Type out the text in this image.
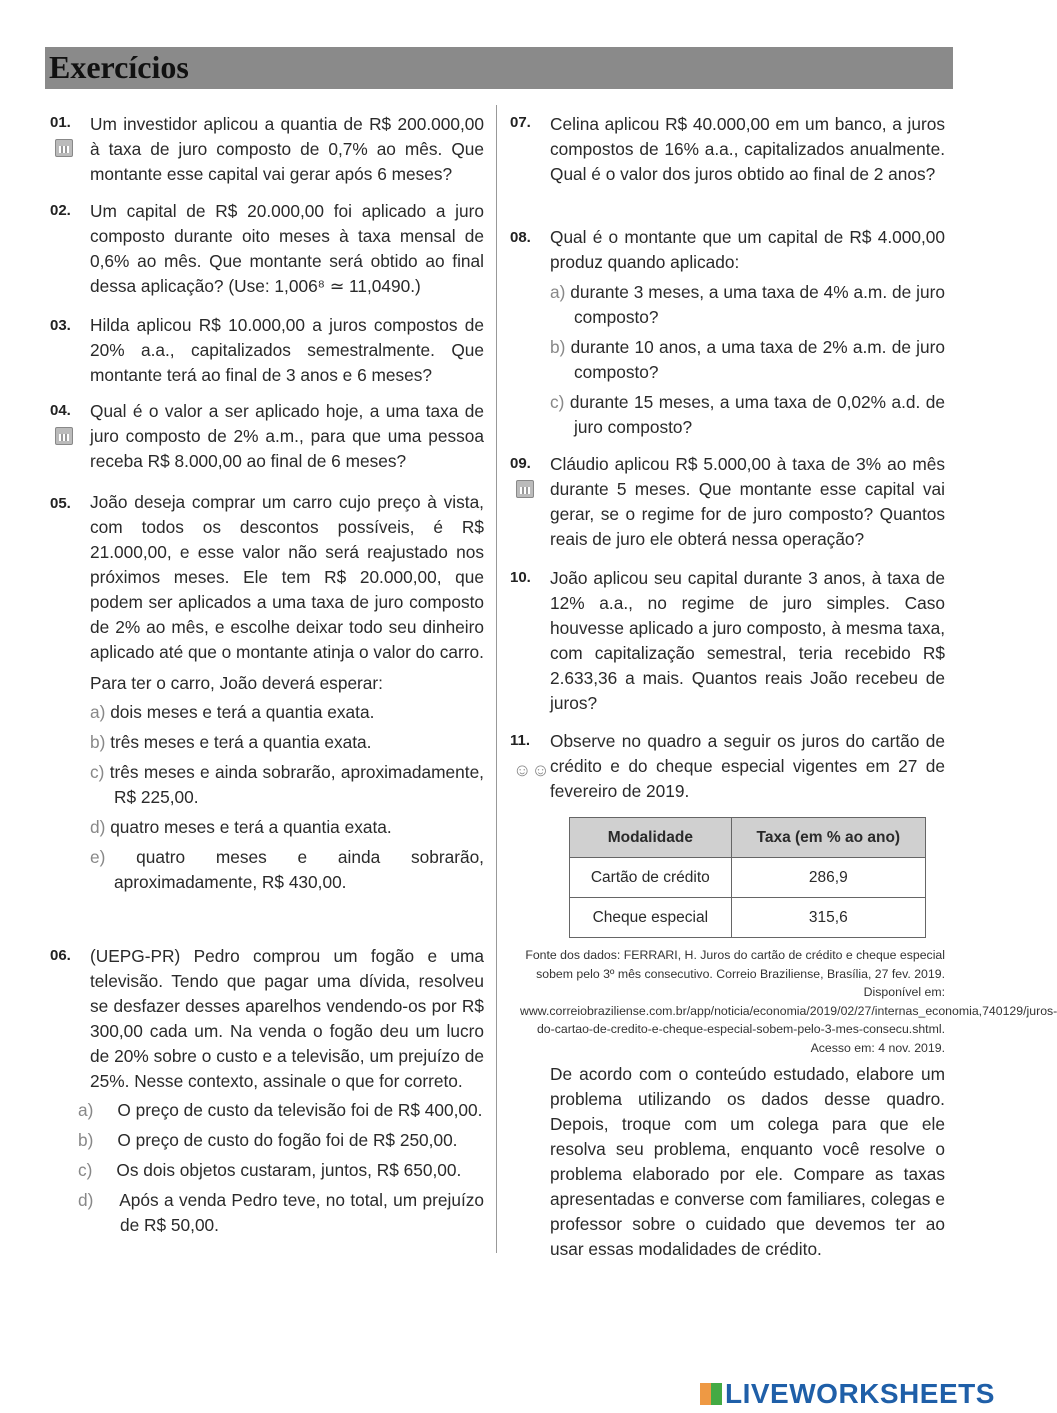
Exercícios
01. Um investidor aplicou a quantia de R$ 200.000,00 à taxa de juro composto de 0,7% ao mês. Que montante esse capital vai gerar após 6 meses?
02. Um capital de R$ 20.000,00 foi aplicado a juro composto durante oito meses à taxa mensal de 0,6% ao mês. Que montante será obtido ao final dessa aplicação? (Use: 1,006⁸ ≃ 11,0490.)
03. Hilda aplicou R$ 10.000,00 a juros compostos de 20% a.a., capitalizados semestralmente. Que montante terá ao final de 3 anos e 6 meses?
04. Qual é o valor a ser aplicado hoje, a uma taxa de juro composto de 2% a.m., para que uma pessoa receba R$ 8.000,00 ao final de 6 meses?
05. João deseja comprar um carro cujo preço à vista, com todos os descontos possíveis, é R$ 21.000,00, e esse valor não será reajustado nos próximos meses. Ele tem R$ 20.000,00, que podem ser aplicados a uma taxa de juro composto de 2% ao mês, e escolhe deixar todo seu dinheiro aplicado até que o montante atinja o valor do carro.
Para ter o carro, João deverá esperar:
a) dois meses e terá a quantia exata.
b) três meses e terá a quantia exata.
c) três meses e ainda sobrarão, aproximadamente, R$ 225,00.
d) quatro meses e terá a quantia exata.
e) quatro meses e ainda sobrarão, aproximadamente, R$ 430,00.
06. (UEPG-PR) Pedro comprou um fogão e uma televisão. Tendo que pagar uma dívida, resolveu se desfazer desses aparelhos vendendo-os por R$ 300,00 cada um. Na venda o fogão deu um lucro de 20% sobre o custo e a televisão, um prejuízo de 25%. Nesse contexto, assinale o que for correto.
a) O preço de custo da televisão foi de R$ 400,00.
b) O preço de custo do fogão foi de R$ 250,00.
c) Os dois objetos custaram, juntos, R$ 650,00.
d) Após a venda Pedro teve, no total, um prejuízo de R$ 50,00.
07. Celina aplicou R$ 40.000,00 em um banco, a juros compostos de 16% a.a., capitalizados anualmente. Qual é o valor dos juros obtido ao final de 2 anos?
08. Qual é o montante que um capital de R$ 4.000,00 produz quando aplicado:
a) durante 3 meses, a uma taxa de 4% a.m. de juro composto?
b) durante 10 anos, a uma taxa de 2% a.m. de juro composto?
c) durante 15 meses, a uma taxa de 0,02% a.d. de juro composto?
09. Cláudio aplicou R$ 5.000,00 à taxa de 3% ao mês durante 5 meses. Que montante esse capital vai gerar, se o regime for de juro composto? Quantos reais de juro ele obterá nessa operação?
10. João aplicou seu capital durante 3 anos, à taxa de 12% a.a., no regime de juro simples. Caso houvesse aplicado a juro composto, à mesma taxa, com capitalização semestral, teria recebido R$ 2.633,36 a mais. Quantos reais João recebeu de juros?
11.
☺☺
Observe no quadro a seguir os juros do cartão de crédito e do cheque especial vigentes em 27 de fevereiro de 2019.
Modalidade	Taxa (em % ao ano)
Cartão de crédito	286,9
Cheque especial	315,6
Fonte dos dados: FERRARI, H. Juros do cartão de crédito e cheque especial sobem pelo 3º mês consecutivo. Correio Braziliense, Brasília, 27 fev. 2019. Disponível em: www.correiobraziliense.com.br/app/noticia/economia/2019/02/27/internas_economia,740129/juros-do-cartao-de-credito-e-cheque-especial-sobem-pelo-3-mes-consecu.shtml. Acesso em: 4 nov. 2019.
De acordo com o conteúdo estudado, elabore um problema utilizando os dados desse quadro. Depois, troque com um colega para que ele resolva seu problema, enquanto você resolve o problema elaborado por ele. Compare as taxas apresentadas e converse com familiares, colegas e professor sobre o cuidado que devemos ter ao usar essas modalidades de crédito.
LIVEWORKSHEETS
